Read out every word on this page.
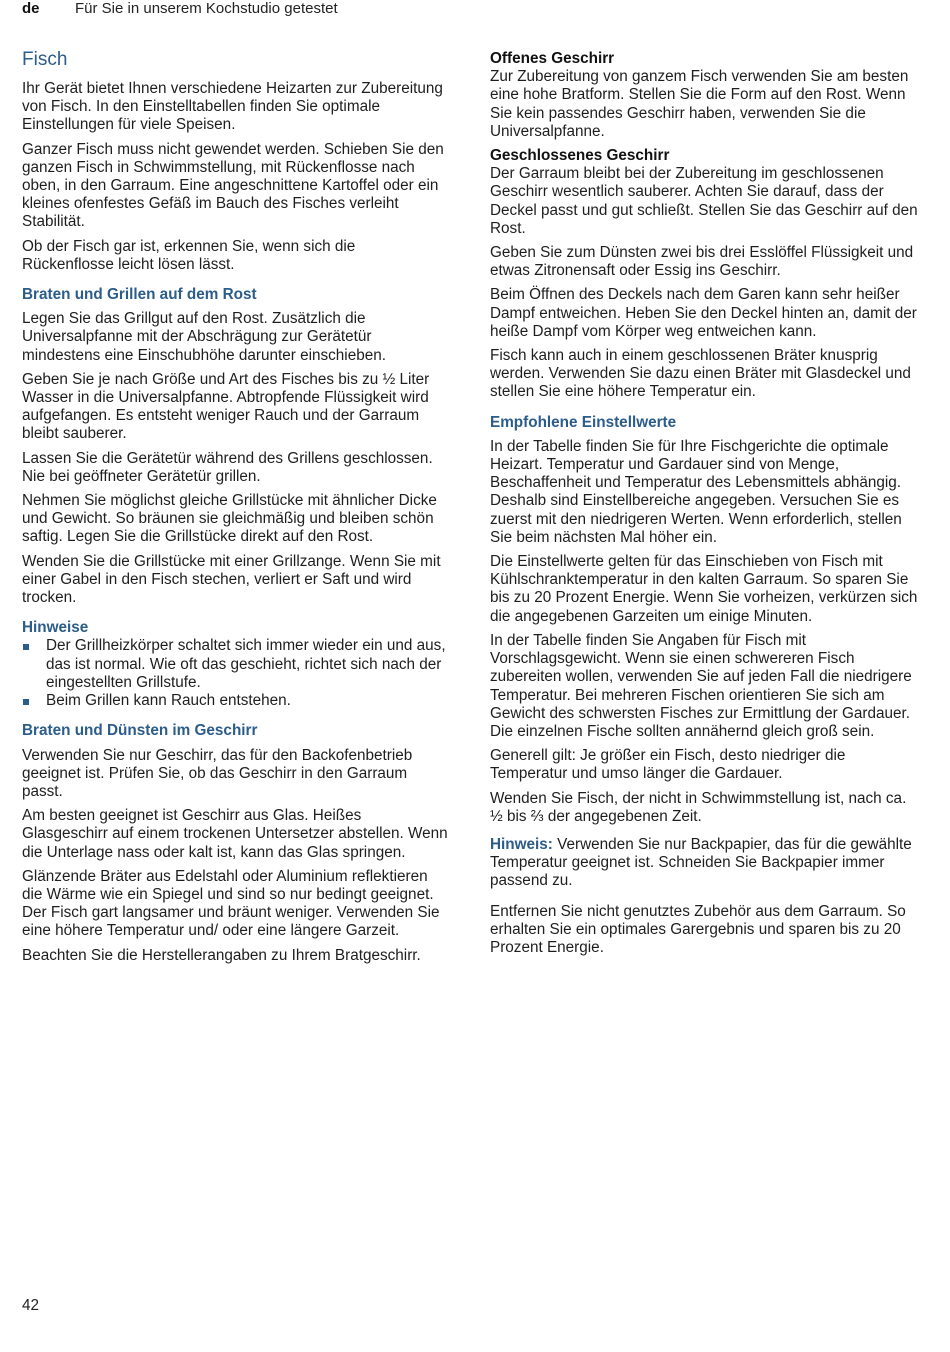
de Für Sie in unserem Kochstudio getestet
Fisch

Ihr Gerät bietet Ihnen verschiedene Heizarten zur Zubereitung von Fisch. In den Einstelltabellen finden Sie optimale Einstellungen für viele Speisen.

Ganzer Fisch muss nicht gewendet werden. Schieben Sie den ganzen Fisch in Schwimmstellung, mit Rückenflosse nach oben, in den Garraum. Eine angeschnittene Kartoffel oder ein kleines ofenfestes Gefäß im Bauch des Fisches verleiht Stabilität.

Ob der Fisch gar ist, erkennen Sie, wenn sich die Rückenflosse leicht lösen lässt.

Braten und Grillen auf dem Rost

Legen Sie das Grillgut auf den Rost. Zusätzlich die Universalpfanne mit der Abschrägung zur Gerätetür mindestens eine Einschubhöhe darunter einschieben.

Geben Sie je nach Größe und Art des Fisches bis zu ½ Liter Wasser in die Universalpfanne. Abtropfende Flüssigkeit wird aufgefangen. Es entsteht weniger Rauch und der Garraum bleibt sauberer.

Lassen Sie die Gerätetür während des Grillens geschlossen. Nie bei geöffneter Gerätetür grillen.

Nehmen Sie möglichst gleiche Grillstücke mit ähnlicher Dicke und Gewicht. So bräunen sie gleichmäßig und bleiben schön saftig. Legen Sie die Grillstücke direkt auf den Rost.

Wenden Sie die Grillstücke mit einer Grillzange. Wenn Sie mit einer Gabel in den Fisch stechen, verliert er Saft und wird trocken.

Hinweise
Der Grillheizkörper schaltet sich immer wieder ein und aus, das ist normal. Wie oft das geschieht, richtet sich nach der eingestellten Grillstufe.
Beim Grillen kann Rauch entstehen.
Braten und Dünsten im Geschirr

Verwenden Sie nur Geschirr, das für den Backofenbetrieb geeignet ist. Prüfen Sie, ob das Geschirr in den Garraum passt.

Am besten geeignet ist Geschirr aus Glas. Heißes Glasgeschirr auf einem trockenen Untersetzer abstellen. Wenn die Unterlage nass oder kalt ist, kann das Glas springen.

Glänzende Bräter aus Edelstahl oder Aluminium reflektieren die Wärme wie ein Spiegel und sind so nur bedingt geeignet. Der Fisch gart langsamer und bräunt weniger. Verwenden Sie eine höhere Temperatur und/ oder eine längere Garzeit.

Beachten Sie die Herstellerangaben zu Ihrem Bratgeschirr.

Offenes Geschirr

Zur Zubereitung von ganzem Fisch verwenden Sie am besten eine hohe Bratform. Stellen Sie die Form auf den Rost. Wenn Sie kein passendes Geschirr haben, verwenden Sie die Universalpfanne.

Geschlossenes Geschirr

Der Garraum bleibt bei der Zubereitung im geschlossenen Geschirr wesentlich sauberer. Achten Sie darauf, dass der Deckel passt und gut schließt. Stellen Sie das Geschirr auf den Rost.

Geben Sie zum Dünsten zwei bis drei Esslöffel Flüssigkeit und etwas Zitronensaft oder Essig ins Geschirr.

Beim Öffnen des Deckels nach dem Garen kann sehr heißer Dampf entweichen. Heben Sie den Deckel hinten an, damit der heiße Dampf vom Körper weg entweichen kann.

Fisch kann auch in einem geschlossenen Bräter knusprig werden. Verwenden Sie dazu einen Bräter mit Glasdeckel und stellen Sie eine höhere Temperatur ein.

Empfohlene Einstellwerte

In der Tabelle finden Sie für Ihre Fischgerichte die optimale Heizart. Temperatur und Gardauer sind von Menge, Beschaffenheit und Temperatur des Lebensmittels abhängig. Deshalb sind Einstellbereiche angegeben. Versuchen Sie es zuerst mit den niedrigeren Werten. Wenn erforderlich, stellen Sie beim nächsten Mal höher ein.

Die Einstellwerte gelten für das Einschieben von Fisch mit Kühlschranktemperatur in den kalten Garraum. So sparen Sie bis zu 20 Prozent Energie. Wenn Sie vorheizen, verkürzen sich die angegebenen Garzeiten um einige Minuten.

In der Tabelle finden Sie Angaben für Fisch mit Vorschlagsgewicht. Wenn sie einen schwereren Fisch zubereiten wollen, verwenden Sie auf jeden Fall die niedrigere Temperatur. Bei mehreren Fischen orientieren Sie sich am Gewicht des schwersten Fisches zur Ermittlung der Gardauer. Die einzelnen Fische sollten annähernd gleich groß sein.

Generell gilt: Je größer ein Fisch, desto niedriger die Temperatur und umso länger die Gardauer.

Wenden Sie Fisch, der nicht in Schwimmstellung ist, nach ca. ½ bis ⅔ der angegebenen Zeit.

Hinweis: Verwenden Sie nur Backpapier, das für die gewählte Temperatur geeignet ist. Schneiden Sie Backpapier immer passend zu.

Entfernen Sie nicht genutztes Zubehör aus dem Garraum. So erhalten Sie ein optimales Garergebnis und sparen bis zu 20 Prozent Energie.

42
